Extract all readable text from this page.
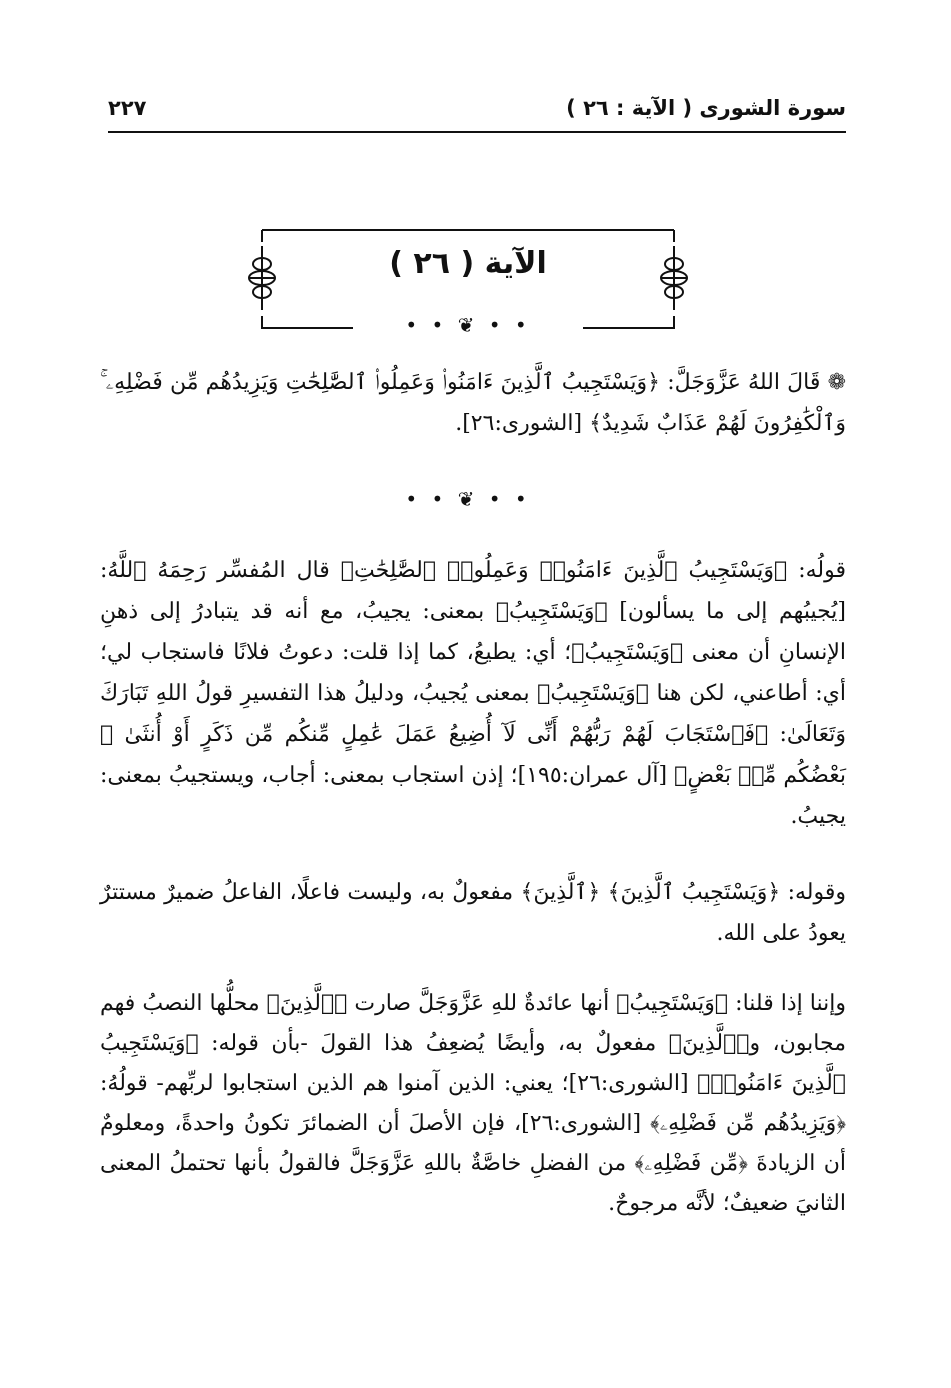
سورة الشورى ( الآية : ٢٦ )
٢٢٧
الآية ( ٢٦ )
• • ❦ • •

❁ قَالَ اللهُ عَزَّوَجَلَّ: ﴿وَيَسْتَجِيبُ ٱلَّذِينَ ءَامَنُوا۟ وَعَمِلُوا۟ ٱلصَّٰلِحَٰتِ وَيَزِيدُهُم مِّن فَضْلِهِۦ ۚ وَٱلْكَٰفِرُونَ لَهُمْ عَذَابٌ شَدِيدٌ﴾ [الشورى:٢٦].

• • ❦ • •

قولُه: ﴿وَيَسْتَجِيبُ ٱلَّذِينَ ءَامَنُوا۟ وَعَمِلُوا۟ ٱلصَّٰلِحَٰتِ﴾ قال المُفسِّر رَحِمَهُ ٱللَّهُ: [يُجيبُهم إلى ما يسألون] ﴿وَيَسْتَجِيبُ﴾ بمعنى: يجيبُ، مع أنه قد يتبادرُ إلى ذهنِ الإنسانِ أن معنى ﴿وَيَسْتَجِيبُ﴾؛ أي: يطيعُ، كما إذا قلت: دعوتُ فلانًا فاستجاب لي؛ أي: أطاعني، لكن هنا ﴿وَيَسْتَجِيبُ﴾ بمعنى يُجيبُ، ودليلُ هذا التفسيرِ قولُ اللهِ تَبَارَكَ وَتَعَالَىٰ: ﴿فَٱسْتَجَابَ لَهُمْ رَبُّهُمْ أَنِّى لَآ أُضِيعُ عَمَلَ عَٰمِلٍ مِّنكُم مِّن ذَكَرٍ أَوْ أُنثَىٰ ۖ بَعْضُكُم مِّنۢ بَعْضٍ﴾ [آل عمران:١٩٥]؛ إذن استجاب بمعنى: أجاب، ويستجيبُ بمعنى: يجيبُ.

وقوله: ﴿وَيَسْتَجِيبُ ٱلَّذِينَ﴾ ﴿ٱلَّذِينَ﴾ مفعولٌ به، وليست فاعلًا، الفاعلُ ضميرٌ مستترٌ يعودُ على الله.

وإننا إذا قلنا: ﴿وَيَسْتَجِيبُ﴾ أنها عائدةٌ للهِ عَزَّوَجَلَّ صارت ﴿ٱلَّذِينَ﴾ محلُّها النصبُ فهم مجابون، و﴿ٱلَّذِينَ﴾ مفعولٌ به، وأيضًا يُضعِفُ هذا القولَ -بأن قوله: ﴿وَيَسْتَجِيبُ ٱلَّذِينَ ءَامَنُوا۟﴾ [الشورى:٢٦]؛ يعني: الذين آمنوا هم الذين استجابوا لربِّهم- قولُهُ: ﴿وَيَزِيدُهُم مِّن فَضْلِهِۦ﴾ [الشورى:٢٦]، فإن الأصلَ أن الضمائرَ تكونُ واحدةً، ومعلومٌ أن الزيادةَ ﴿مِّن فَضْلِهِۦ﴾ من الفضلِ خاصَّةٌ باللهِ عَزَّوَجَلَّ فالقولُ بأنها تحتملُ المعنى الثانيَ ضعيفٌ؛ لأنَّه مرجوحٌ.
